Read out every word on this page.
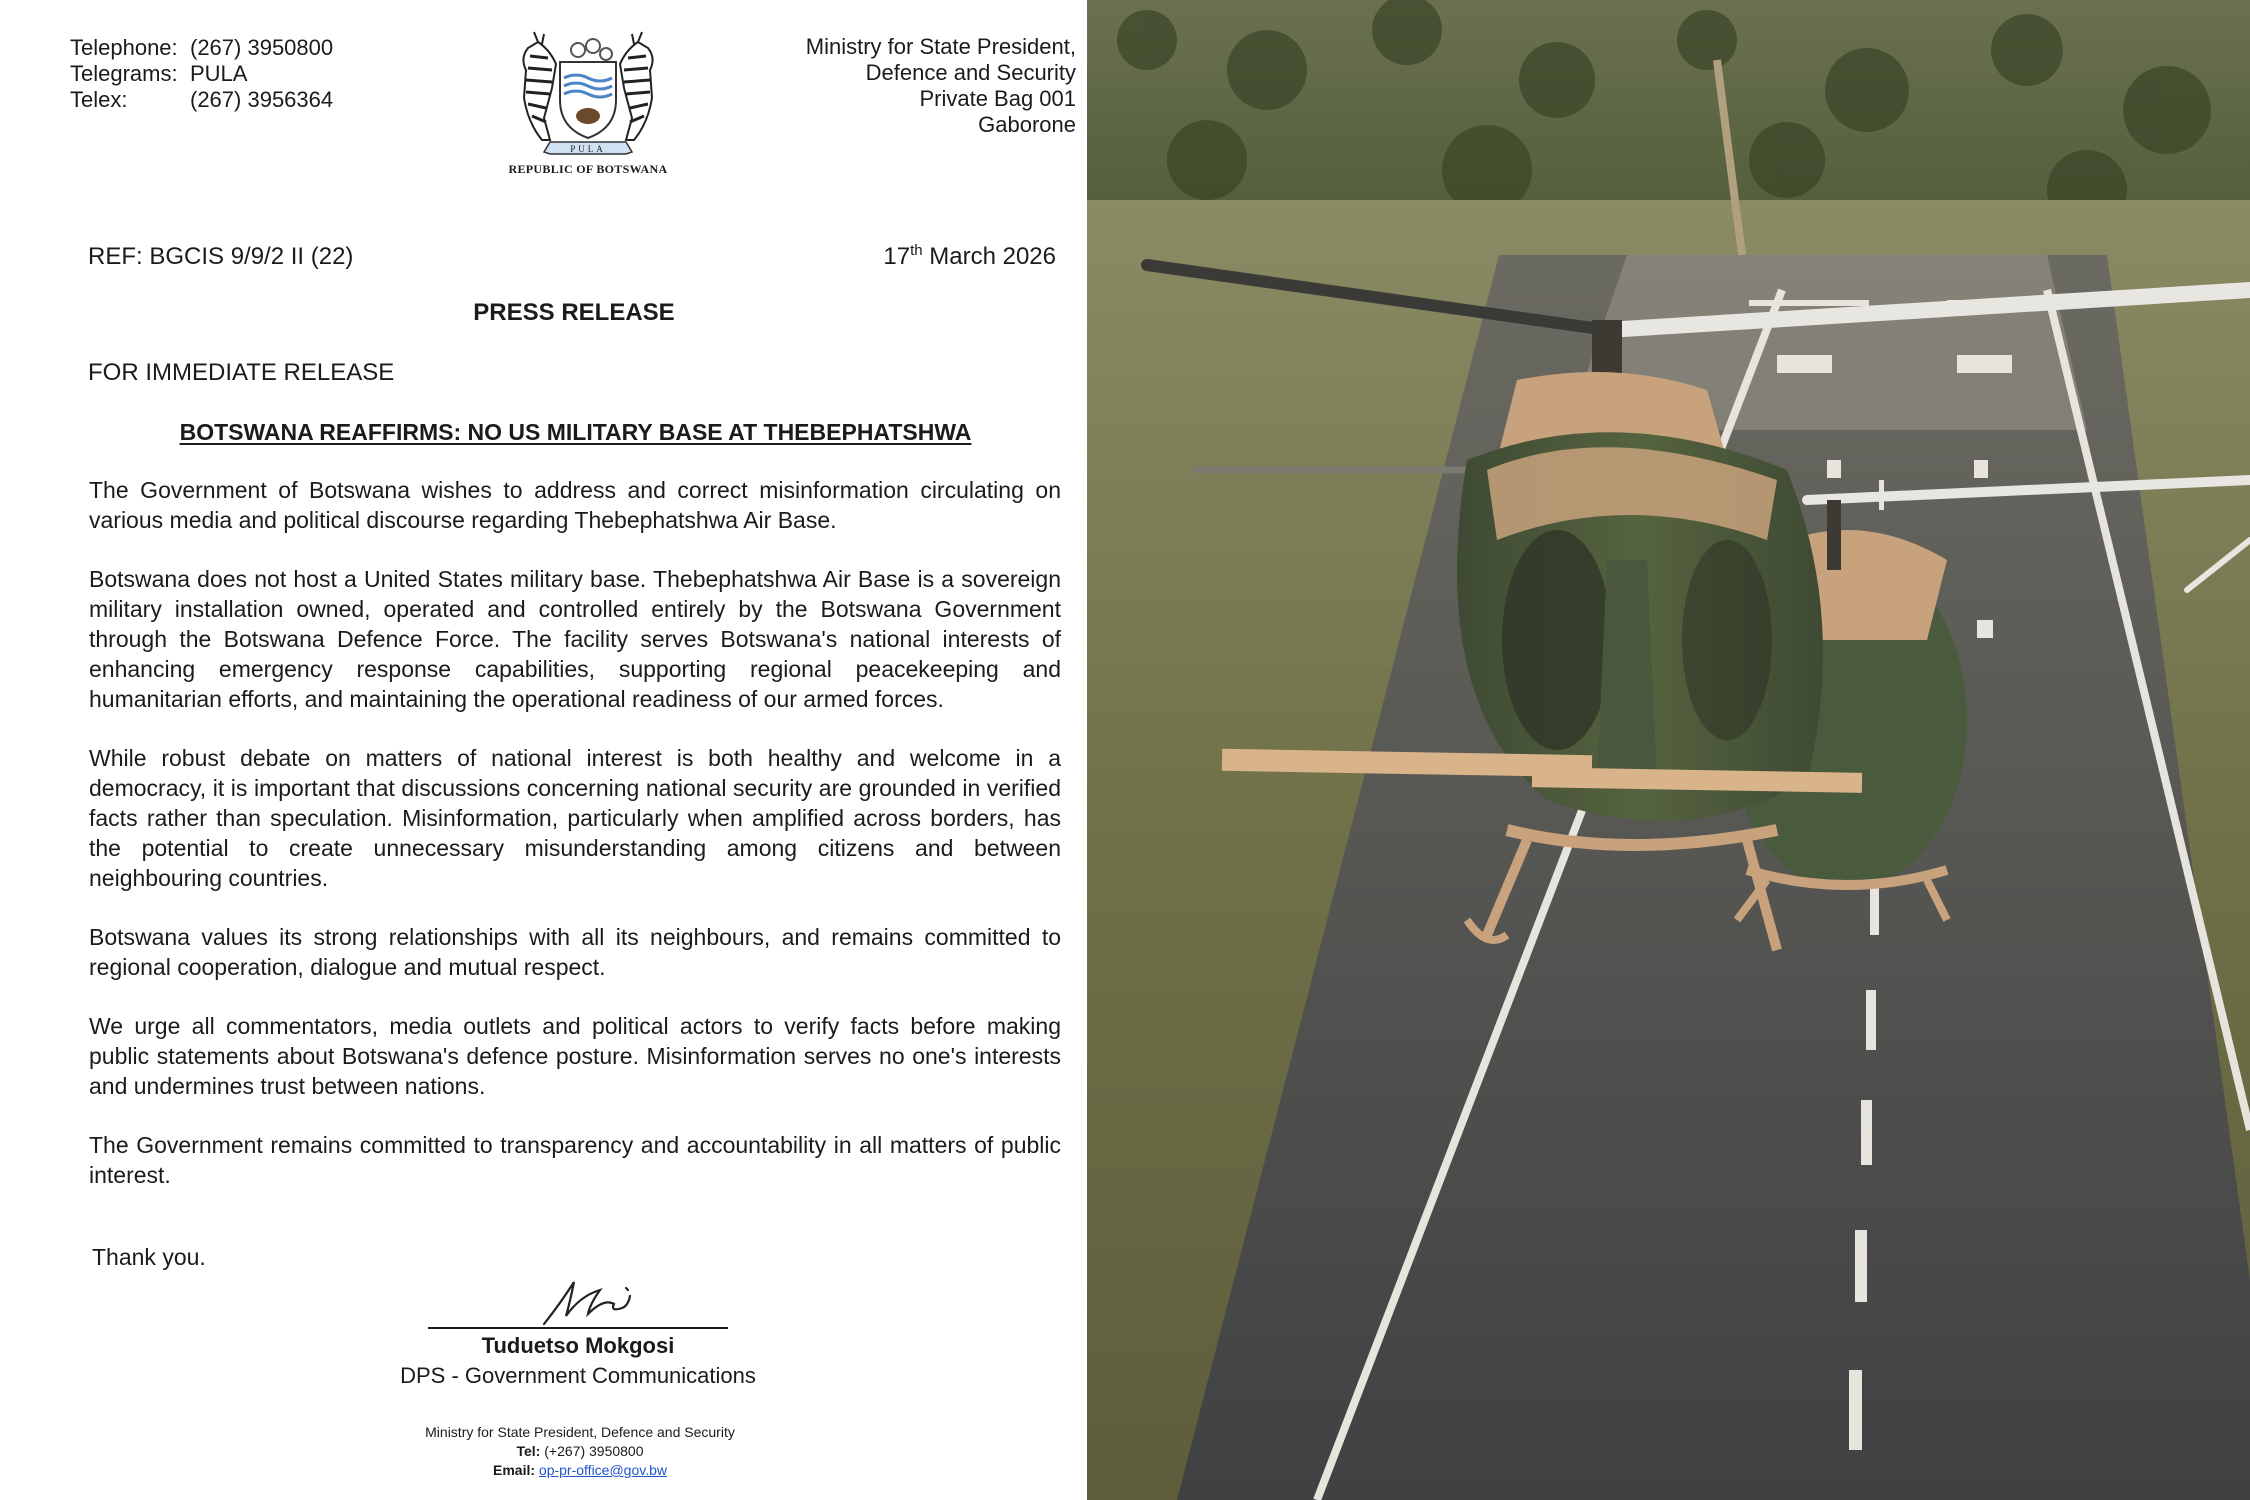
Telephone: (267) 3950800
Telegrams: PULA
Telex:	(267) 3956364
PULA
REPUBLIC OF BOTSWANA
Ministry for State President,
Defence and Security
Private Bag 001
Gaborone
REF: BGCIS 9/9/2 II (22)	17th March 2026
PRESS RELEASE
FOR IMMEDIATE RELEASE
BOTSWANA REAFFIRMS: NO US MILITARY BASE AT THEBEPHATSHWA

The Government of Botswana wishes to address and correct misinformation circulating on various media and political discourse regarding Thebephatshwa Air Base.

Botswana does not host a United States military base. Thebephatshwa Air Base is a sovereign military installation owned, operated and controlled entirely by the Botswana Government through the Botswana Defence Force. The facility serves Botswana's national interests of enhancing emergency response capabilities, supporting regional peacekeeping and humanitarian efforts, and maintaining the operational readiness of our armed forces.

While robust debate on matters of national interest is both healthy and welcome in a democracy, it is important that discussions concerning national security are grounded in verified facts rather than speculation. Misinformation, particularly when amplified across borders, has the potential to create unnecessary misunderstanding among citizens and between neighbouring countries.

Botswana values its strong relationships with all its neighbours, and remains committed to regional cooperation, dialogue and mutual respect.

We urge all commentators, media outlets and political actors to verify facts before making public statements about Botswana's defence posture. Misinformation serves no one's interests and undermines trust between nations.

The Government remains committed to transparency and accountability in all matters of public interest.

Thank you.
Tuduetso Mokgosi
DPS - Government Communications
Ministry for State President, Defence and Security
Tel: (+267) 3950800
Email: op-pr-office@gov.bw
